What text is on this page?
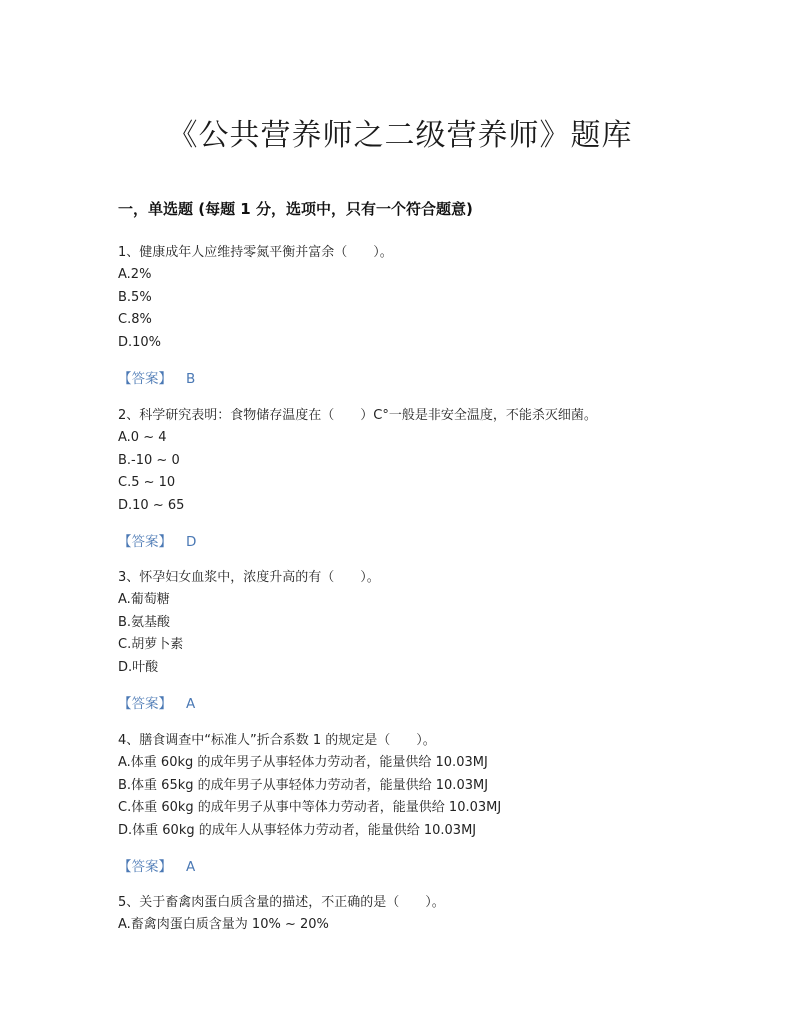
《公共营养师之二级营养师》题库
一，单选题 (每题 1 分，选项中，只有一个符合题意)
1、健康成年人应维持零氮平衡并富余（　　）。
A.2%
B.5%
C.8%
D.10%
【答案】 B
2、科学研究表明：食物储存温度在（　　）C°一般是非安全温度，不能杀灭细菌。
A.0 ~ 4
B.-10 ~ 0
C.5 ~ 10
D.10 ~ 65
【答案】 D
3、怀孕妇女血浆中，浓度升高的有（　　）。
A.葡萄糖
B.氨基酸
C.胡萝卜素
D.叶酸
【答案】 A
4、膳食调查中“标准人”折合系数 1 的规定是（　　）。
A.体重 60kg 的成年男子从事轻体力劳动者，能量供给 10.03MJ
B.体重 65kg 的成年男子从事轻体力劳动者，能量供给 10.03MJ
C.体重 60kg 的成年男子从事中等体力劳动者，能量供给 10.03MJ
D.体重 60kg 的成年人从事轻体力劳动者，能量供给 10.03MJ
【答案】 A
5、关于畜禽肉蛋白质含量的描述，不正确的是（　　）。
A.畜禽肉蛋白质含量为 10% ~ 20%
